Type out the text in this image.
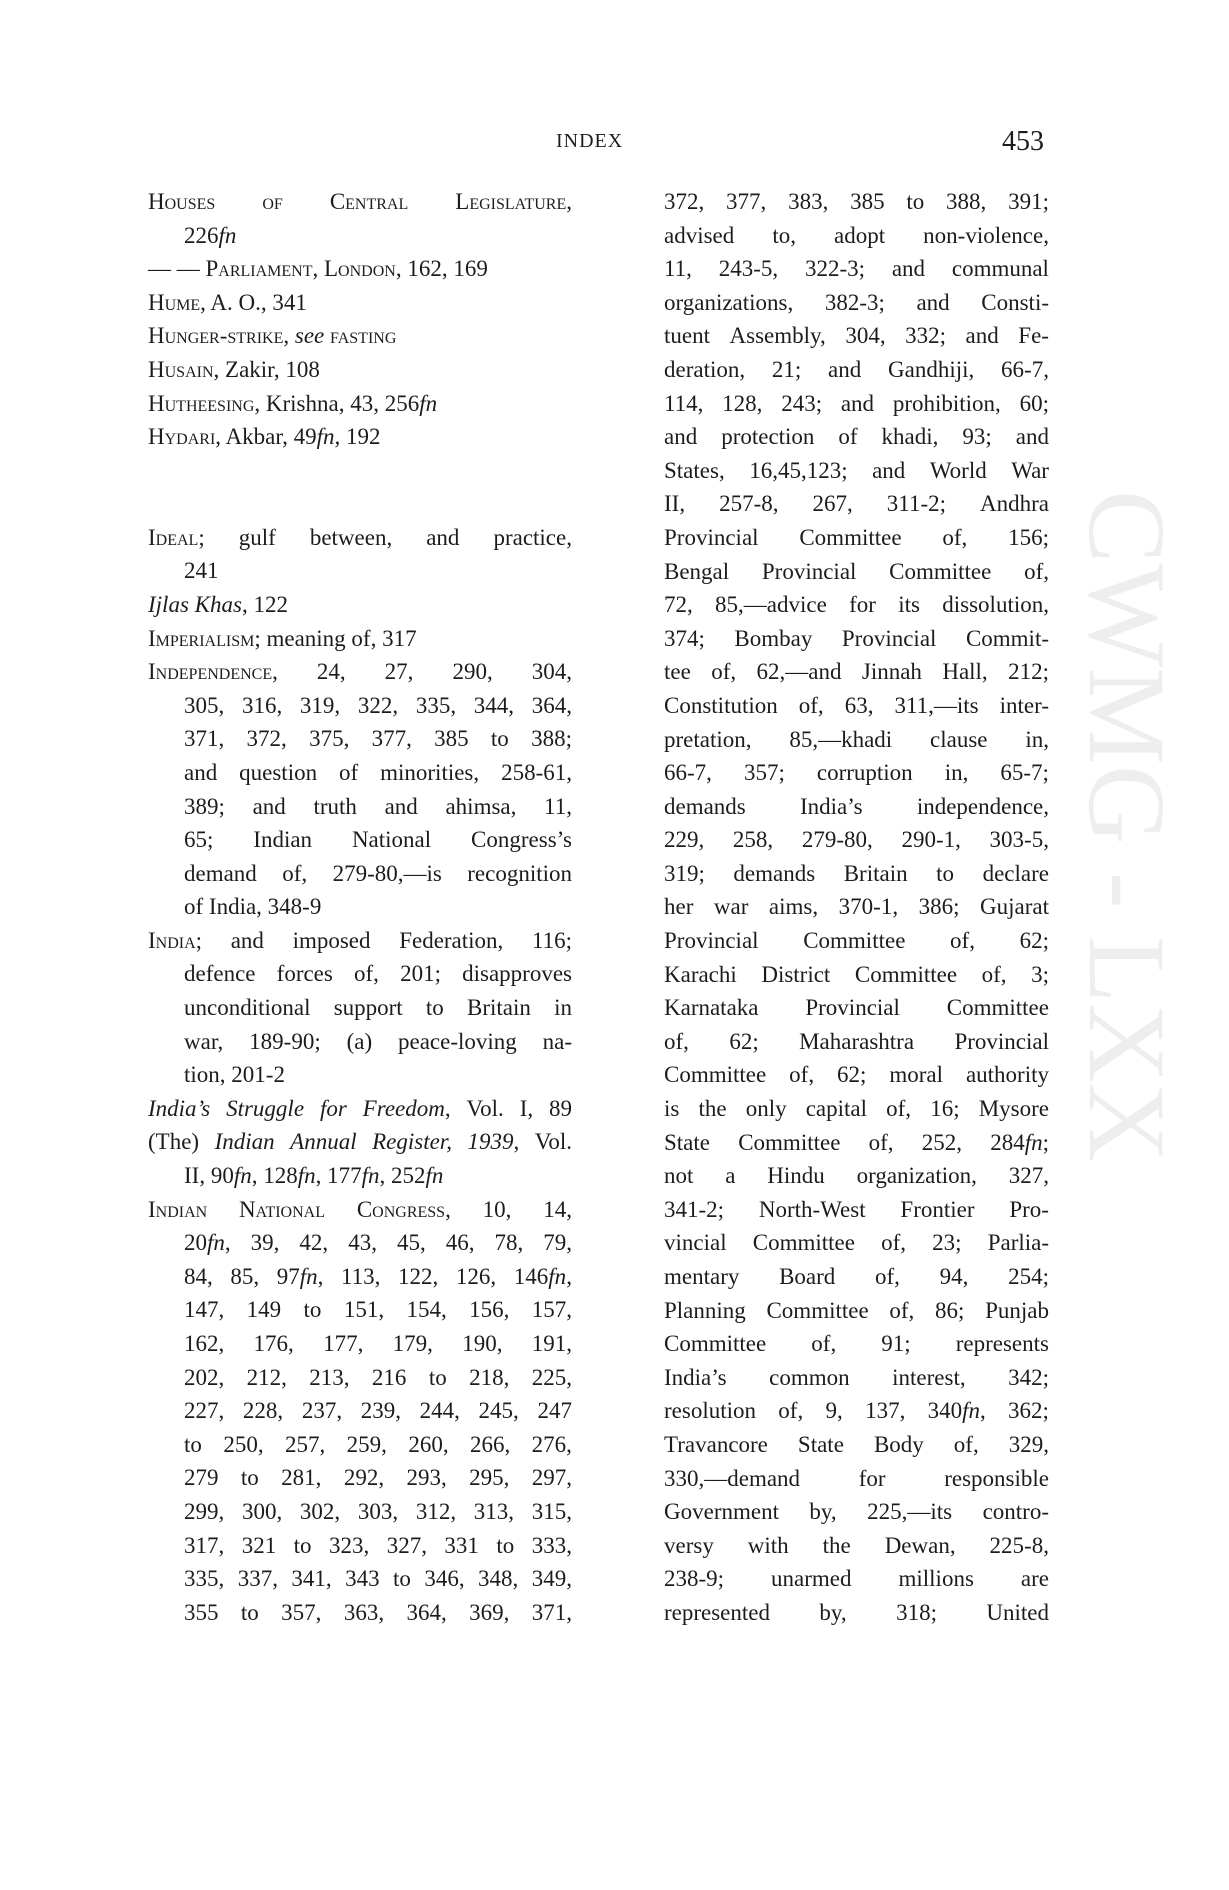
CWMG - LXX
INDEX	453
Houses of Central Legislature,
226fn
— — Parliament, London, 162, 169
Hume, A. O., 341
Hunger-strike, see fasting
Husain, Zakir, 108
Hutheesing, Krishna, 43, 256fn
Hydari, Akbar, 49fn, 192
Ideal; gulf between, and practice,
241
Ijlas Khas, 122
Imperialism; meaning of, 317
Independence, 24, 27, 290, 304,
305, 316, 319, 322, 335, 344, 364,
371, 372, 375, 377, 385 to 388;
and question of minorities, 258-61,
389; and truth and ahimsa, 11,
65; Indian National Congress’s
demand of, 279-80,—is recognition
of India, 348-9
India; and imposed Federation, 116;
defence forces of, 201; disapproves
unconditional support to Britain in
war, 189-90; (a) peace-loving na-
tion, 201-2
India’s Struggle for Freedom, Vol. I, 89
(The) Indian Annual Register, 1939, Vol.
II, 90fn, 128fn, 177fn, 252fn
Indian National Congress, 10, 14,
20fn, 39, 42, 43, 45, 46, 78, 79,
84, 85, 97fn, 113, 122, 126, 146fn,
147, 149 to 151, 154, 156, 157,
162, 176, 177, 179, 190, 191,
202, 212, 213, 216 to 218, 225,
227, 228, 237, 239, 244, 245, 247
to 250, 257, 259, 260, 266, 276,
279 to 281, 292, 293, 295, 297,
299, 300, 302, 303, 312, 313, 315,
317, 321 to 323, 327, 331 to 333,
335, 337, 341, 343 to 346, 348, 349,
355 to 357, 363, 364, 369, 371,
372, 377, 383, 385 to 388, 391;
advised to, adopt non-violence,
11, 243-5, 322-3; and communal
organizations, 382-3; and Consti-
tuent Assembly, 304, 332; and Fe-
deration, 21; and Gandhiji, 66-7,
114, 128, 243; and prohibition, 60;
and protection of khadi, 93; and
States, 16,45,123; and World War
II, 257-8, 267, 311-2; Andhra
Provincial Committee of, 156;
Bengal Provincial Committee of,
72, 85,—advice for its dissolution,
374; Bombay Provincial Commit-
tee of, 62,—and Jinnah Hall, 212;
Constitution of, 63, 311,—its inter-
pretation, 85,—khadi clause in,
66-7, 357; corruption in, 65-7;
demands India’s independence,
229, 258, 279-80, 290-1, 303-5,
319; demands Britain to declare
her war aims, 370-1, 386; Gujarat
Provincial Committee of, 62;
Karachi District Committee of, 3;
Karnataka Provincial Committee
of, 62; Maharashtra Provincial
Committee of, 62; moral authority
is the only capital of, 16; Mysore
State Committee of, 252, 284fn;
not a Hindu organization, 327,
341-2; North-West Frontier Pro-
vincial Committee of, 23; Parlia-
mentary Board of, 94, 254;
Planning Committee of, 86; Punjab
Committee of, 91; represents
India’s common interest, 342;
resolution of, 9, 137, 340fn, 362;
Travancore State Body of, 329,
330,—demand	for	responsible
Government by, 225,—its contro-
versy with the Dewan, 225-8,
238-9; unarmed millions are
represented by, 318; United
